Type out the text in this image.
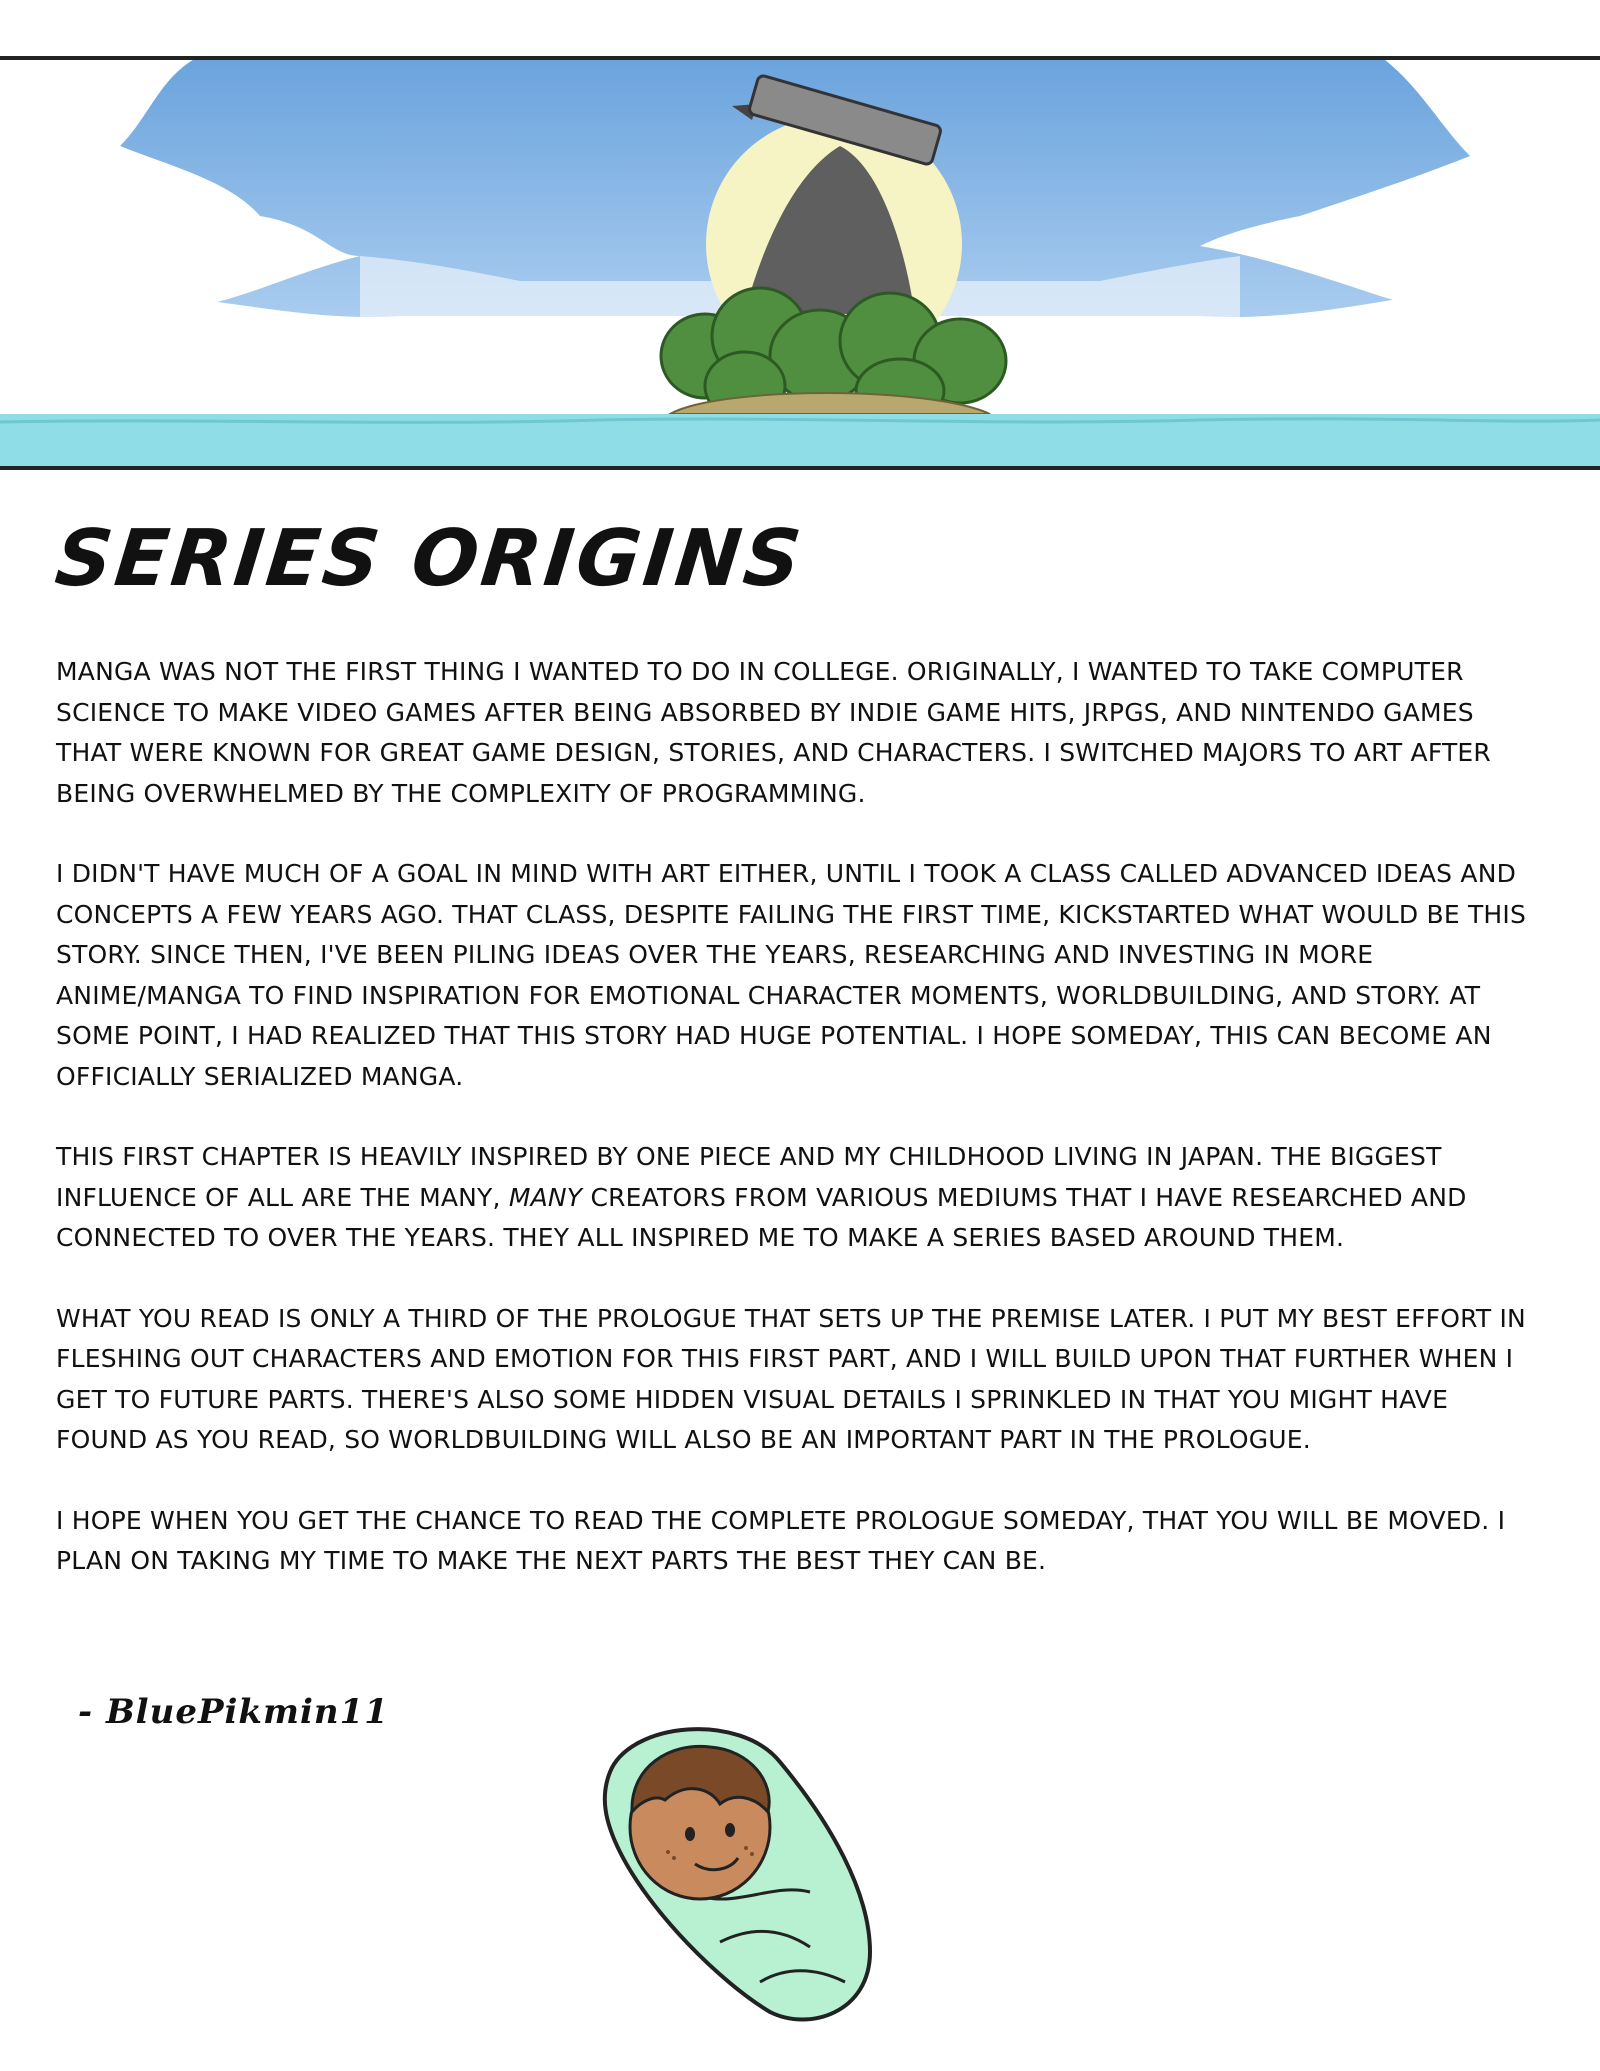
SERIES ORIGINS

MANGA WAS NOT THE FIRST THING I WANTED TO DO IN COLLEGE. ORIGINALLY, I WANTED TO TAKE COMPUTER SCIENCE TO MAKE VIDEO GAMES AFTER BEING ABSORBED BY INDIE GAME HITS, JRPGS, AND NINTENDO GAMES THAT WERE KNOWN FOR GREAT GAME DESIGN, STORIES, AND CHARACTERS. I SWITCHED MAJORS TO ART AFTER BEING OVERWHELMED BY THE COMPLEXITY OF PROGRAMMING.

I DIDN'T HAVE MUCH OF A GOAL IN MIND WITH ART EITHER, UNTIL I TOOK A CLASS CALLED ADVANCED IDEAS AND CONCEPTS A FEW YEARS AGO. THAT CLASS, DESPITE FAILING THE FIRST TIME, KICKSTARTED WHAT WOULD BE THIS STORY. SINCE THEN, I'VE BEEN PILING IDEAS OVER THE YEARS, RESEARCHING AND INVESTING IN MORE ANIME/MANGA TO FIND INSPIRATION FOR EMOTIONAL CHARACTER MOMENTS, WORLDBUILDING, AND STORY. AT SOME POINT, I HAD REALIZED THAT THIS STORY HAD HUGE POTENTIAL. I HOPE SOMEDAY, THIS CAN BECOME AN OFFICIALLY SERIALIZED MANGA.

THIS FIRST CHAPTER IS HEAVILY INSPIRED BY ONE PIECE AND MY CHILDHOOD LIVING IN JAPAN. THE BIGGEST INFLUENCE OF ALL ARE THE MANY, MANY CREATORS FROM VARIOUS MEDIUMS THAT I HAVE RESEARCHED AND CONNECTED TO OVER THE YEARS. THEY ALL INSPIRED ME TO MAKE A SERIES BASED AROUND THEM.

WHAT YOU READ IS ONLY A THIRD OF THE PROLOGUE THAT SETS UP THE PREMISE LATER. I PUT MY BEST EFFORT IN FLESHING OUT CHARACTERS AND EMOTION FOR THIS FIRST PART, AND I WILL BUILD UPON THAT FURTHER WHEN I GET TO FUTURE PARTS. THERE'S ALSO SOME HIDDEN VISUAL DETAILS I SPRINKLED IN THAT YOU MIGHT HAVE FOUND AS YOU READ, SO WORLDBUILDING WILL ALSO BE AN IMPORTANT PART IN THE PROLOGUE.

I HOPE WHEN YOU GET THE CHANCE TO READ THE COMPLETE PROLOGUE SOMEDAY, THAT YOU WILL BE MOVED. I PLAN ON TAKING MY TIME TO MAKE THE NEXT PARTS THE BEST THEY CAN BE.

- BluePikmin11
